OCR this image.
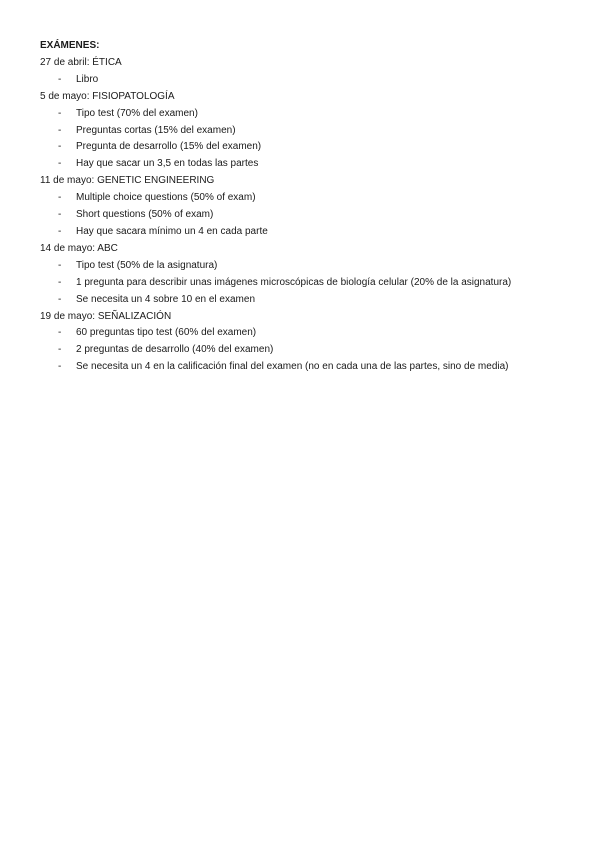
EXÁMENES:

27 de abril: ÉTICA

- Libro

5 de mayo: FISIOPATOLOGÍA

- Tipo test (70% del examen)
- Preguntas cortas (15% del examen)
- Pregunta de desarrollo (15% del examen)
- Hay que sacar un 3,5 en todas las partes

11 de mayo: GENETIC ENGINEERING

- Multiple choice questions (50% of exam)
- Short questions (50% of exam)
- Hay que sacara mínimo un 4 en cada parte

14 de mayo: ABC

- Tipo test (50% de la asignatura)
- 1 pregunta para describir unas imágenes microscópicas de biología celular (20% de la asignatura)
- Se necesita un 4 sobre 10 en el examen

19 de mayo: SEÑALIZACIÓN

- 60 preguntas tipo test (60% del examen)
- 2 preguntas de desarrollo (40% del examen)
- Se necesita un 4 en la calificación final del examen (no en cada una de las partes, sino de media)
